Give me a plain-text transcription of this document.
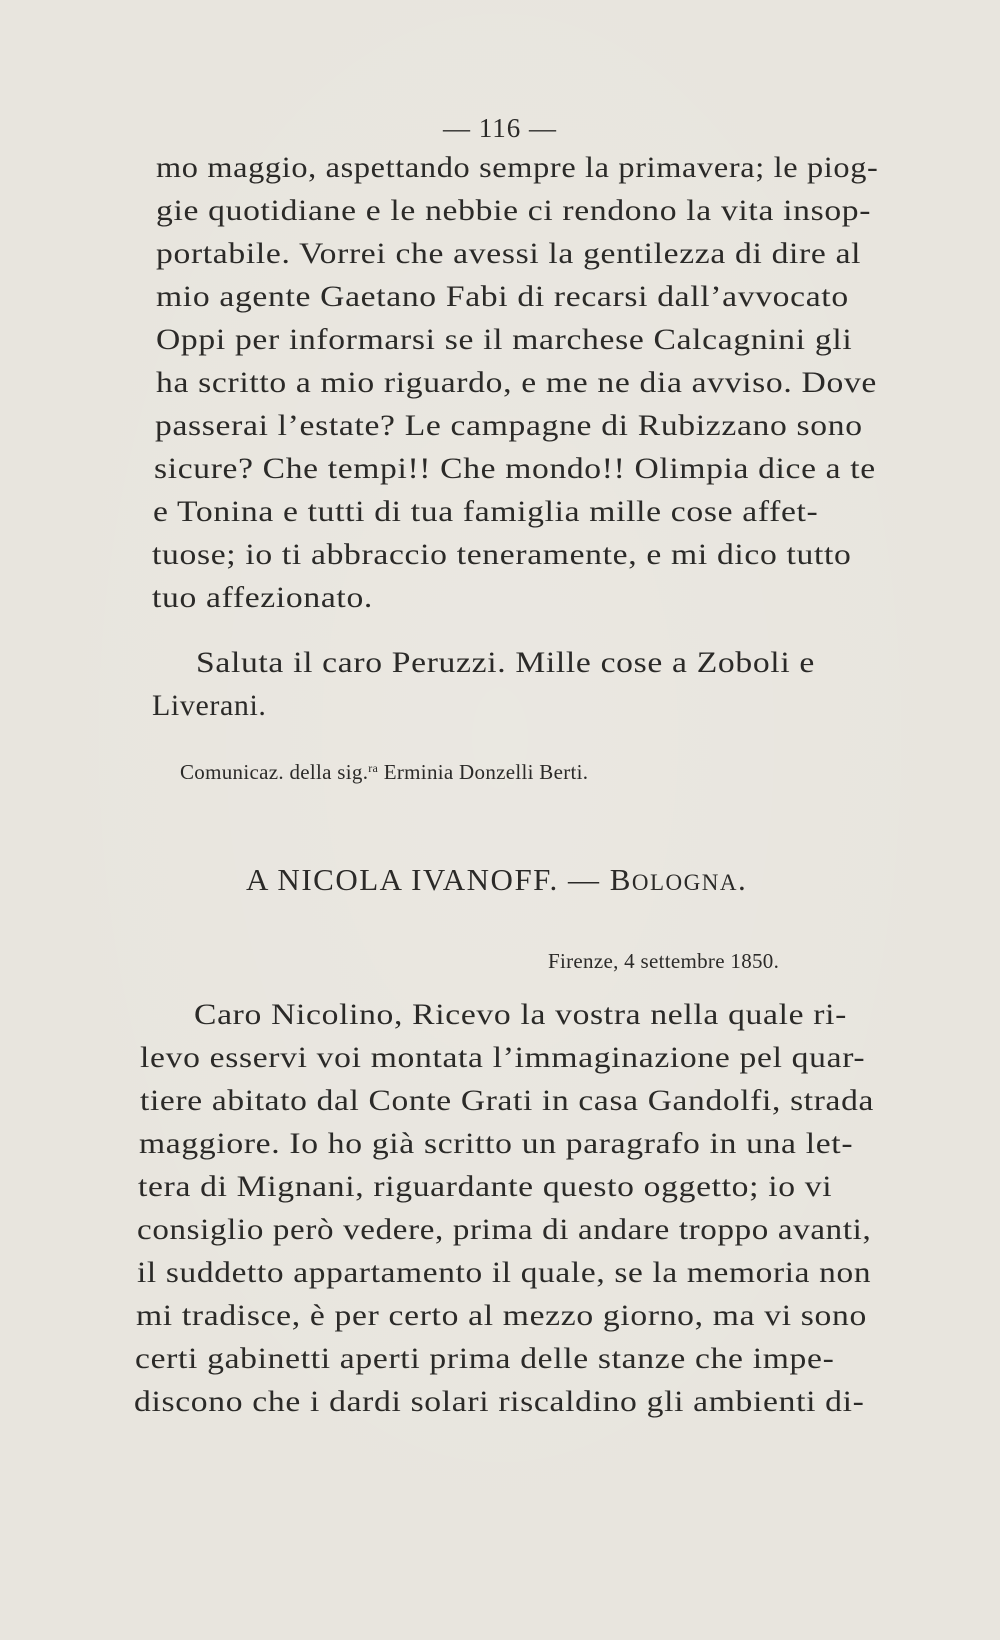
— 116 —
mo maggio, aspettando sempre la primavera; le piog-
gie quotidiane e le nebbie ci rendono la vita insop-
portabile. Vorrei che avessi la gentilezza di dire al
mio agente Gaetano Fabi di recarsi dall’avvocato
Oppi per informarsi se il marchese Calcagnini gli
ha scritto a mio riguardo, e me ne dia avviso. Dove
passerai l’estate? Le campagne di Rubizzano sono
sicure? Che tempi!! Che mondo!! Olimpia dice a te
e Tonina e tutti di tua famiglia mille cose affet-
tuose; io ti abbraccio teneramente, e mi dico tutto
tuo affezionato.
Saluta il caro Peruzzi. Mille cose a Zoboli e
Liverani.
Comunicaz. della sig.$^{ra}$ Erminia Donzelli Berti.
A NICOLA IVANOFF. — BOLOGNA.
Firenze, 4 settembre 1850.
Caro Nicolino, Ricevo la vostra nella quale ri-
levo esservi voi montata l’immaginazione pel quar-
tiere abitato dal Conte Grati in casa Gandolfi, strada
maggiore. Io ho già scritto un paragrafo in una let-
tera di Mignani, riguardante questo oggetto; io vi
consiglio però vedere, prima di andare troppo avanti,
il suddetto appartamento il quale, se la memoria non
mi tradisce, è per certo al mezzo giorno, ma vi sono
certi gabinetti aperti prima delle stanze che impe-
discono che i dardi solari riscaldino gli ambienti di-
